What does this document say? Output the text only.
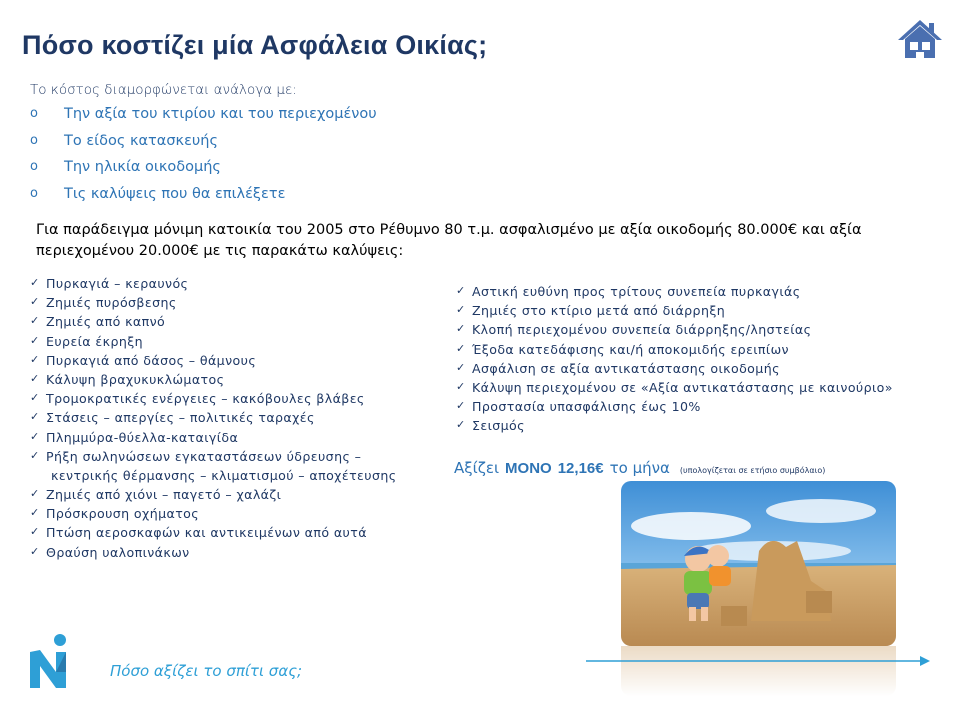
Πόσο κοστίζει μία Ασφάλεια Οικίας;
Το κόστος διαμορφώνεται ανάλογα με:
o	Την αξία του κτιρίου και του περιεχομένου
o	Το είδος κατασκευής
o	Την ηλικία οικοδομής
o	Τις καλύψεις που θα επιλέξετε
Για παράδειγμα μόνιμη κατοικία του 2005 στο Ρέθυμνο 80 τ.μ. ασφαλισμένο με αξία οικοδομής 80.000€ και αξία περιεχομένου 20.000€ με τις παρακάτω καλύψεις:
✓ Πυρκαγιά – κεραυνός
✓ Ζημιές πυρόσβεσης
✓ Ζημιές από καπνό
✓ Ευρεία έκρηξη
✓ Πυρκαγιά από δάσος – θάμνους
✓ Κάλυψη βραχυκυκλώματος
✓ Τρομοκρατικές ενέργειες – κακόβουλες βλάβες
✓ Στάσεις – απεργίες – πολιτικές ταραχές
✓ Πλημμύρα-θύελλα-καταιγίδα
✓ Ρήξη σωληνώσεων εγκαταστάσεων ύδρευσης –
κεντρικής θέρμανσης – κλιματισμού – αποχέτευσης
✓ Ζημιές από χιόνι – παγετό – χαλάζι
✓ Πρόσκρουση οχήματος
✓ Πτώση αεροσκαφών και αντικειμένων από αυτά
✓ Θραύση υαλοπινάκων
✓ Αστική ευθύνη προς τρίτους συνεπεία πυρκαγιάς
✓ Ζημιές στο κτίριο μετά από διάρρηξη
✓ Κλοπή περιεχομένου συνεπεία διάρρηξης/ληστείας
✓ Έξοδα κατεδάφισης και/ή αποκομιδής ερειπίων
✓ Ασφάλιση σε αξία αντικατάστασης οικοδομής
✓ Κάλυψη περιεχομένου σε «Αξία αντικατάστασης με καινούριο»
✓ Προστασία υπασφάλισης έως 10%
✓ Σεισμός
Αξίζει ΜΟΝΟ 12,16€ το μήνα (υπολογίζεται σε ετήσιο συμβόλαιο)
Πόσο αξίζει το σπίτι σας;
